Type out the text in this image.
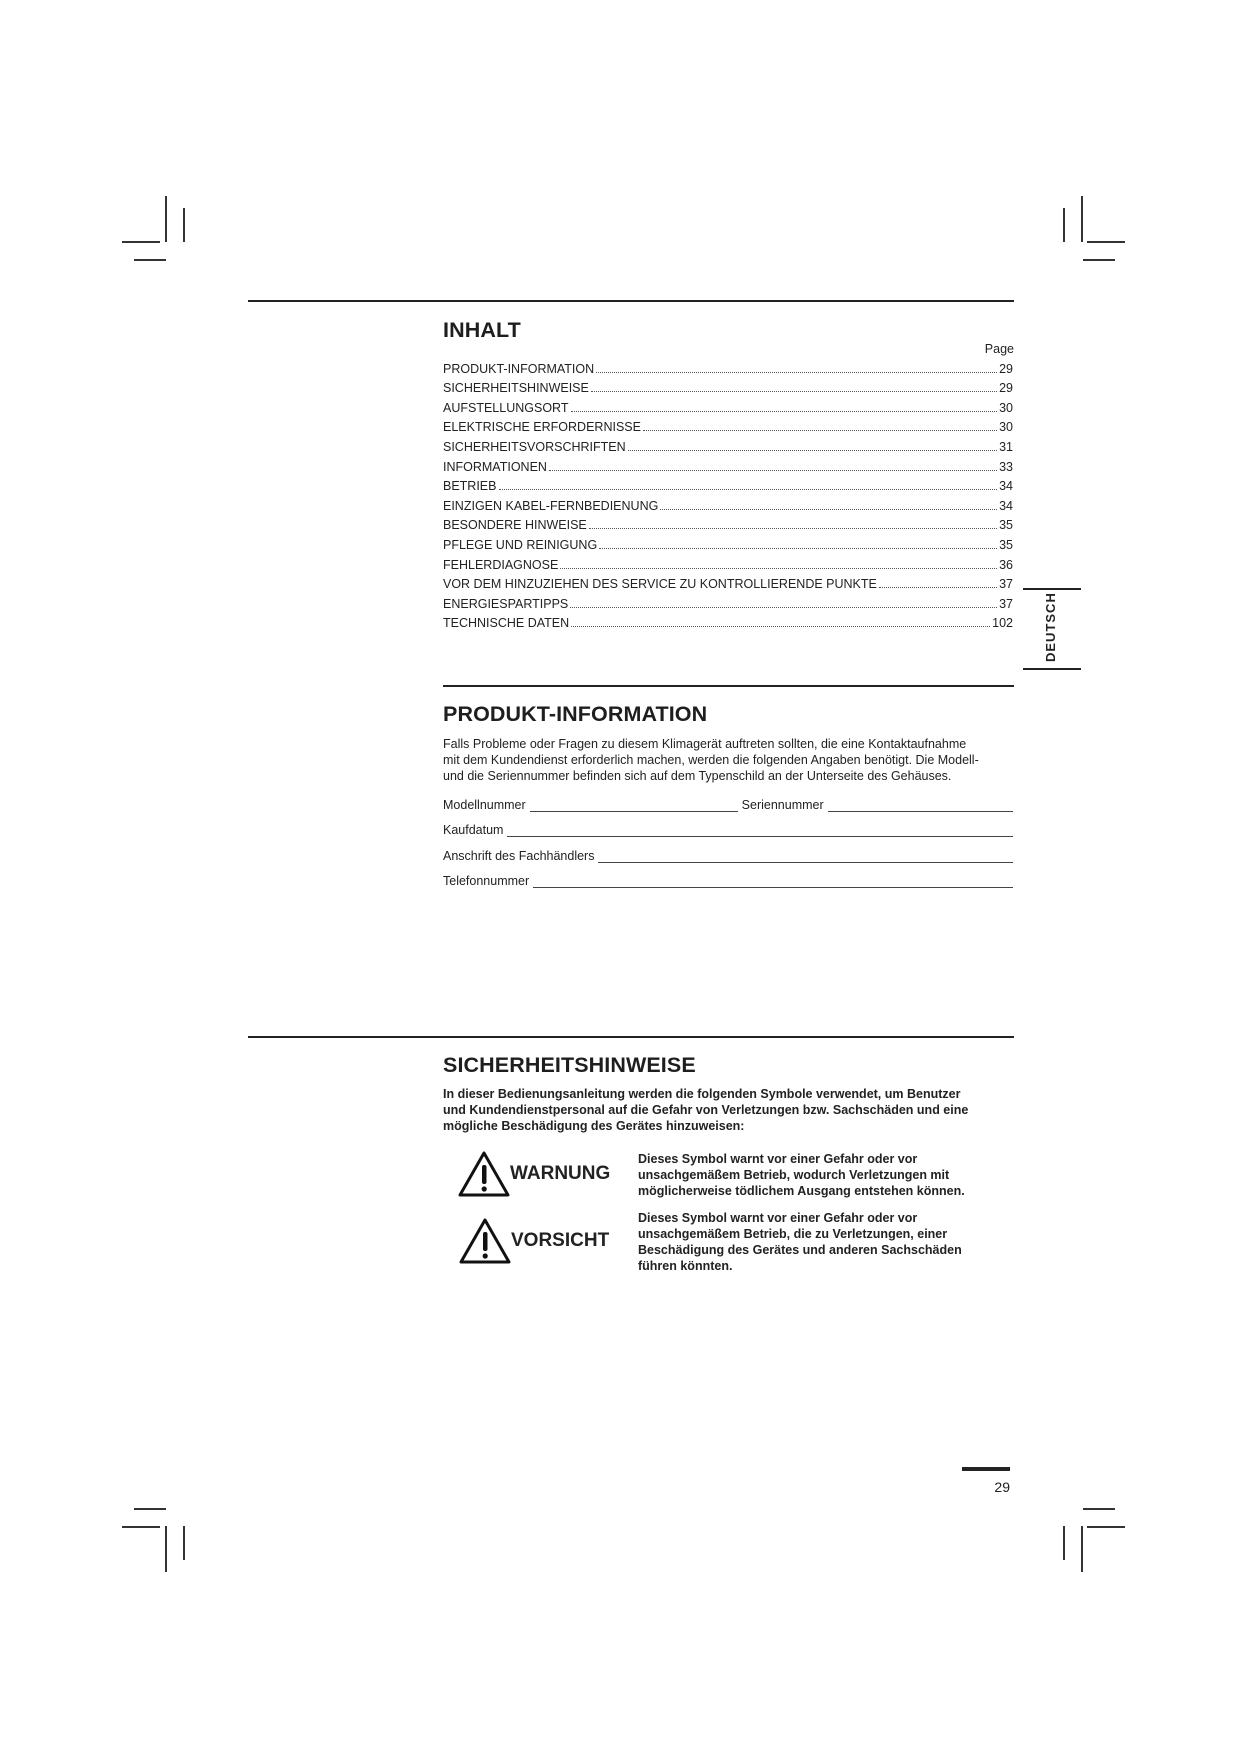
INHALT
Page
PRODUKT-INFORMATION	29
SICHERHEITSHINWEISE	29
AUFSTELLUNGSORT	30
ELEKTRISCHE ERFORDERNISSE	30
SICHERHEITSVORSCHRIFTEN	31
INFORMATIONEN	33
BETRIEB	34
EINZIGEN KABEL-FERNBEDIENUNG	34
BESONDERE HINWEISE	35
PFLEGE UND REINIGUNG	35
FEHLERDIAGNOSE	36
VOR DEM HINZUZIEHEN DES SERVICE ZU KONTROLLIERENDE PUNKTE	37
ENERGIESPARTIPPS	37
TECHNISCHE DATEN	102 DEUTSCH
PRODUKT-INFORMATION
Falls Probleme oder Fragen zu diesem Klimagerät auftreten sollten, die eine Kontaktaufnahme
mit dem Kundendienst erforderlich machen, werden die folgenden Angaben benötigt. Die Modell-
und die Seriennummer befinden sich auf dem Typenschild an der Unterseite des Gehäuses.
Modellnummer	Seriennummer
Kaufdatum
Anschrift des Fachhändlers
Telefonnummer
SICHERHEITSHINWEISE
In dieser Bedienungsanleitung werden die folgenden Symbole verwendet, um Benutzer
und Kundendienstpersonal auf die Gefahr von Verletzungen bzw. Sachschäden und eine
mögliche Beschädigung des Gerätes hinzuweisen:
WARNUNG
Dieses Symbol warnt vor einer Gefahr oder vor
unsachgemäßem Betrieb, wodurch Verletzungen mit
möglicherweise tödlichem Ausgang entstehen können.
VORSICHT
Dieses Symbol warnt vor einer Gefahr oder vor
unsachgemäßem Betrieb, die zu Verletzungen, einer
Beschädigung des Gerätes und anderen Sachschäden
führen könnten.
29
